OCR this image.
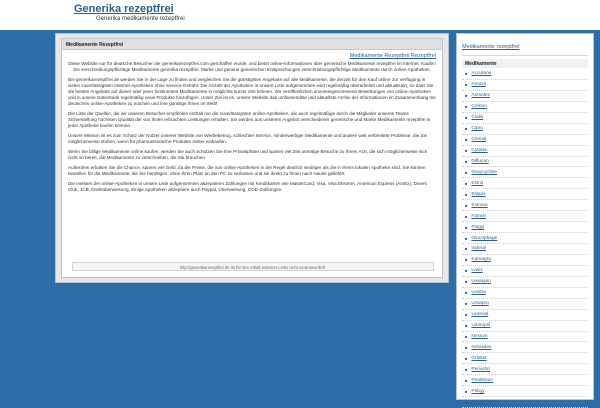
Generika rezeptfrei
Generika medikamente rezeptfrei
Medikamente Rezeptfrei
Medikamente Rezeptfrei Rezeptfrei

Diese Website nur für deutsche Besucher der generikarezeptfrei.com geschaffen wurde, und bietet online-Informationen über generische Medikamente rezeptfrei im Internet. Kaufen Sie verschreibungspflichtige Medikamente generika rezeptfrei. Marke und genaue generischen Entsprechungen verschreibungspflichtige Medikamente durch online-Apotheken.

Bei generikarezeptfrei.de werden Sie in der Lage zu finden und vergleichen Sie die günstigsten Angebote auf alle Medikamente, die derzeit für den Kauf online zur Verfügung in vielen zuverlässigsten Internet-Apotheken ohne Service-Gebühr. Die Anzahl der Apotheken in unsere Liste aufgenommen wird regelmäßig überarbeitet und aktualisiert, so dass Sie die besten Angebote auf dieser oder jener bestimmten Medikamente in möglichst kurzer Zeit können. Wir veröffentlichen unvoreingenommene Bewertungen von online-Apotheken und in unsere Datenbank regelmäßig neue Produkte hinzufügen. Unser Ziel ist es, unsere Website das umfassendste und aktuellste Archiv der Informationen im Zusammenhang mit deutschen online-Apotheken zu machen und ihre günstige Ihnen im Web!

Die Liste der Quellen, die wir unseren Besucher empfehlen enthält nur die zuverlässigsten online-Apotheken, die auch regelmäßige durch die Mitglieder unseres Teams Sicherstellung höchsten Qualität der von ihnen erbrachten Leistungen erhalten. Sie werden aus unserem Angebot verschiedener generische und Marke Medikamente rezeptfrei in jeder Apotheke kaufen können.

Unsere Mission ist es zum Schutz der Nutzer unserer Website von Werbebetrug, schlechter Service, minderwertiger Medikamente und andere weit verbreitete Probleme, die Sie möglicherweise stoßen, wenn für pharmazeutische Produkte online einkaufen.

Wenn Sie billige Medikamente online kaufen, werden Sie auch schützen Sie Ihre Privatsphäre und sparen viel Zeit unnötige Besuche zu Ihrem Arzt, die sich möglicherweise sich nicht so bereit, die Medikamente zu verschreiben, die Sie brauchen.

Außerdem erhalten Sie die Chance, sparen viel Geld, da die Preise, die von online-Apotheken in der Regel deutlich niedriger als die in Ihrem lokalen Apotheke sind. Sie können bestellen für die Medikamente, die Sie benötigen, ohne Ihren Platz an den PC zu verlassen und sie direkt zu Ihnen nach Hause geliefert.

Die meisten der online-Apotheken in unsere Liste aufgenommen akzeptieren Zahlungen mit Kreditkarten wie MasterCard, Visa, Visa Electron, American Express (AmEx), Diners Club, JCB, Drahtüberweisung, Einige Apotheken akzeptiere auch Paypal, Überweisung, COD-Zahlungen.

http://generikarezeptfrei.de ist für den Inhalt externer Links nicht verantwortlich.
Medikamente rezeptfrei
Medikamente
■ Accutane
■ Amoxil
■ Arimidex
■ Ceferin
■ Cialis
■ Cipro
■ Clomid
■ Cytotec
■ Diflucan
■ Doxycycline
■ Elimit
■ Eliquis
■ Estrace
■ Famvir
■ Flagyl
■ Glucophage
■ Inderal
■ Kamagra
■ Lasix
■ Levaquin
■ Levitra
■ Lexapro
■ Lioresal
■ Lisinopril
■ Nexium
■ Nolvadex
■ Orlistat
■ Periactin
■ Prednison
■ Priligy
■ Propecia
